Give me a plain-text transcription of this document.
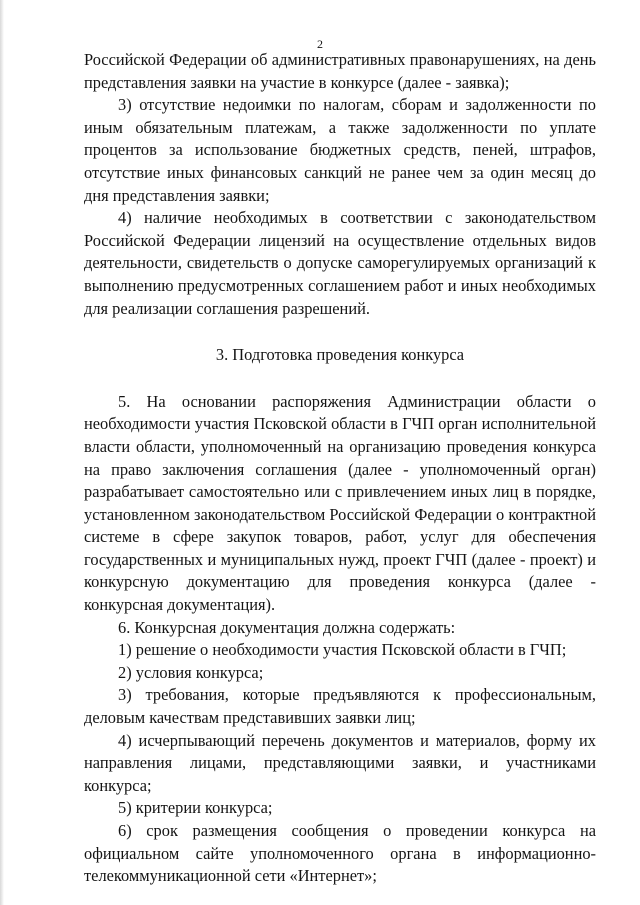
2

Российской Федерации об административных правонарушениях, на день представления заявки на участие в конкурсе (далее - заявка);

3) отсутствие недоимки по налогам, сборам и задолженности по иным обязательным платежам, а также задолженности по уплате процентов за использование бюджетных средств, пеней, штрафов, отсутствие иных финансовых санкций не ранее чем за один месяц до дня представления заявки;

4) наличие необходимых в соответствии с законодательством Российской Федерации лицензий на осуществление отдельных видов деятельности, свидетельств о допуске саморегулируемых организаций к выполнению предусмотренных соглашением работ и иных необходимых для реализации соглашения разрешений.

3. Подготовка проведения конкурса

5. На основании распоряжения Администрации области о необходимости участия Псковской области в ГЧП орган исполнительной власти области, уполномоченный на организацию проведения конкурса на право заключения соглашения (далее - уполномоченный орган) разрабатывает самостоятельно или с привлечением иных лиц в порядке, установленном законодательством Российской Федерации о контрактной системе в сфере закупок товаров, работ, услуг для обеспечения государственных и муниципальных нужд, проект ГЧП (далее - проект) и конкурсную документацию для проведения конкурса (далее - конкурсная документация).

6. Конкурсная документация должна содержать:

1) решение о необходимости участия Псковской области в ГЧП;

2) условия конкурса;

3) требования, которые предъявляются к профессиональным, деловым качествам представивших заявки лиц;

4) исчерпывающий перечень документов и материалов, форму их направления лицами, представляющими заявки, и участниками конкурса;

5) критерии конкурса;

6) срок размещения сообщения о проведении конкурса на официальном сайте уполномоченного органа в информационно-телекоммуникационной сети «Интернет»;
